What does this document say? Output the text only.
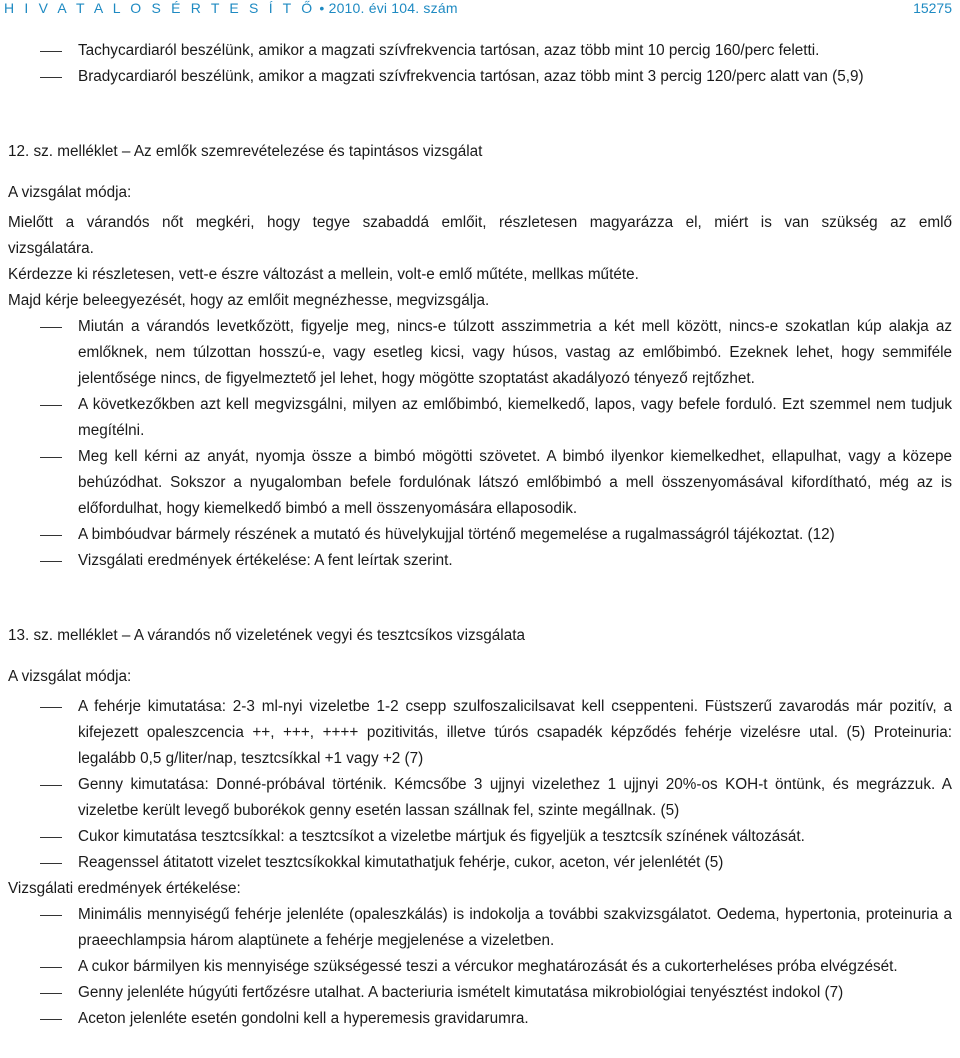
H I V A T A L O S É R T E S Í T Ő • 2010. évi 104. szám	15275

Tachycardiaról beszélünk, amikor a magzati szívfrekvencia tartósan, azaz több mint 10 percig 160/perc feletti.

Bradycardiaról beszélünk, amikor a magzati szívfrekvencia tartósan, azaz több mint 3 percig 120/perc alatt van (5,9)

12. sz. melléklet – Az emlők szemrevételezése és tapintásos vizsgálat

A vizsgálat módja:

Mielőtt a várandós nőt megkéri, hogy tegye szabaddá emlőit, részletesen magyarázza el, miért is van szükség az emlő

vizsgálatára.

Kérdezze ki részletesen, vett-e észre változást a mellein, volt-e emlő műtéte, mellkas műtéte.

Majd kérje beleegyezését, hogy az emlőit megnézhesse, megvizsgálja.

Miután a várandós levetkőzött, figyelje meg, nincs-e túlzott asszimmetria a két mell között, nincs-e szokatlan kúp alakja az emlőknek, nem túlzottan hosszú-e, vagy esetleg kicsi, vagy húsos, vastag az emlőbimbó. Ezeknek lehet, hogy semmiféle jelentősége nincs, de figyelmeztető jel lehet, hogy mögötte szoptatást akadályozó tényező rejtőzhet.

A következőkben azt kell megvizsgálni, milyen az emlőbimbó, kiemelkedő, lapos, vagy befele forduló. Ezt szemmel nem tudjuk megítélni.

Meg kell kérni az anyát, nyomja össze a bimbó mögötti szövetet. A bimbó ilyenkor kiemelkedhet, ellapulhat, vagy a közepe behúzódhat. Sokszor a nyugalomban befele fordulónak látszó emlőbimbó a mell összenyomásával kifordítható, még az is előfordulhat, hogy kiemelkedő bimbó a mell összenyomására ellaposodik.

A bimbóudvar bármely részének a mutató és hüvelykujjal történő megemelése a rugalmasságról tájékoztat. (12)

Vizsgálati eredmények értékelése: A fent leírtak szerint.

13. sz. melléklet – A várandós nő vizeletének vegyi és tesztcsíkos vizsgálata

A vizsgálat módja:

A fehérje kimutatása: 2-3 ml-nyi vizeletbe 1-2 csepp szulfoszalicilsavat kell cseppenteni. Füstszerű zavarodás már pozitív, a kifejezett opaleszcencia ++, +++, ++++ pozitivitás, illetve túrós csapadék képződés fehérje vizelésre utal. (5) Proteinuria: legalább 0,5 g/liter/nap, tesztcsíkkal +1 vagy +2 (7)

Genny kimutatása: Donné-próbával történik. Kémcsőbe 3 ujjnyi vizelethez 1 ujjnyi 20%-os KOH-t öntünk, és megrázzuk. A vizeletbe került levegő buborékok genny esetén lassan szállnak fel, szinte megállnak. (5)

Cukor kimutatása tesztcsíkkal: a tesztcsíkot a vizeletbe mártjuk és figyeljük a tesztcsík színének változását.

Reagenssel átitatott vizelet tesztcsíkokkal kimutathatjuk fehérje, cukor, aceton, vér jelenlétét (5)

Vizsgálati eredmények értékelése:

Minimális mennyiségű fehérje jelenléte (opaleszkálás) is indokolja a további szakvizsgálatot. Oedema, hypertonia, proteinuria a praeechlampsia három alaptünete a fehérje megjelenése a vizeletben.

A cukor bármilyen kis mennyisége szükségessé teszi a vércukor meghatározását és a cukorterheléses próba elvégzését.

Genny jelenléte húgyúti fertőzésre utalhat. A bacteriuria ismételt kimutatása mikrobiológiai tenyésztést indokol (7)

Aceton jelenléte esetén gondolni kell a hyperemesis gravidarumra.
